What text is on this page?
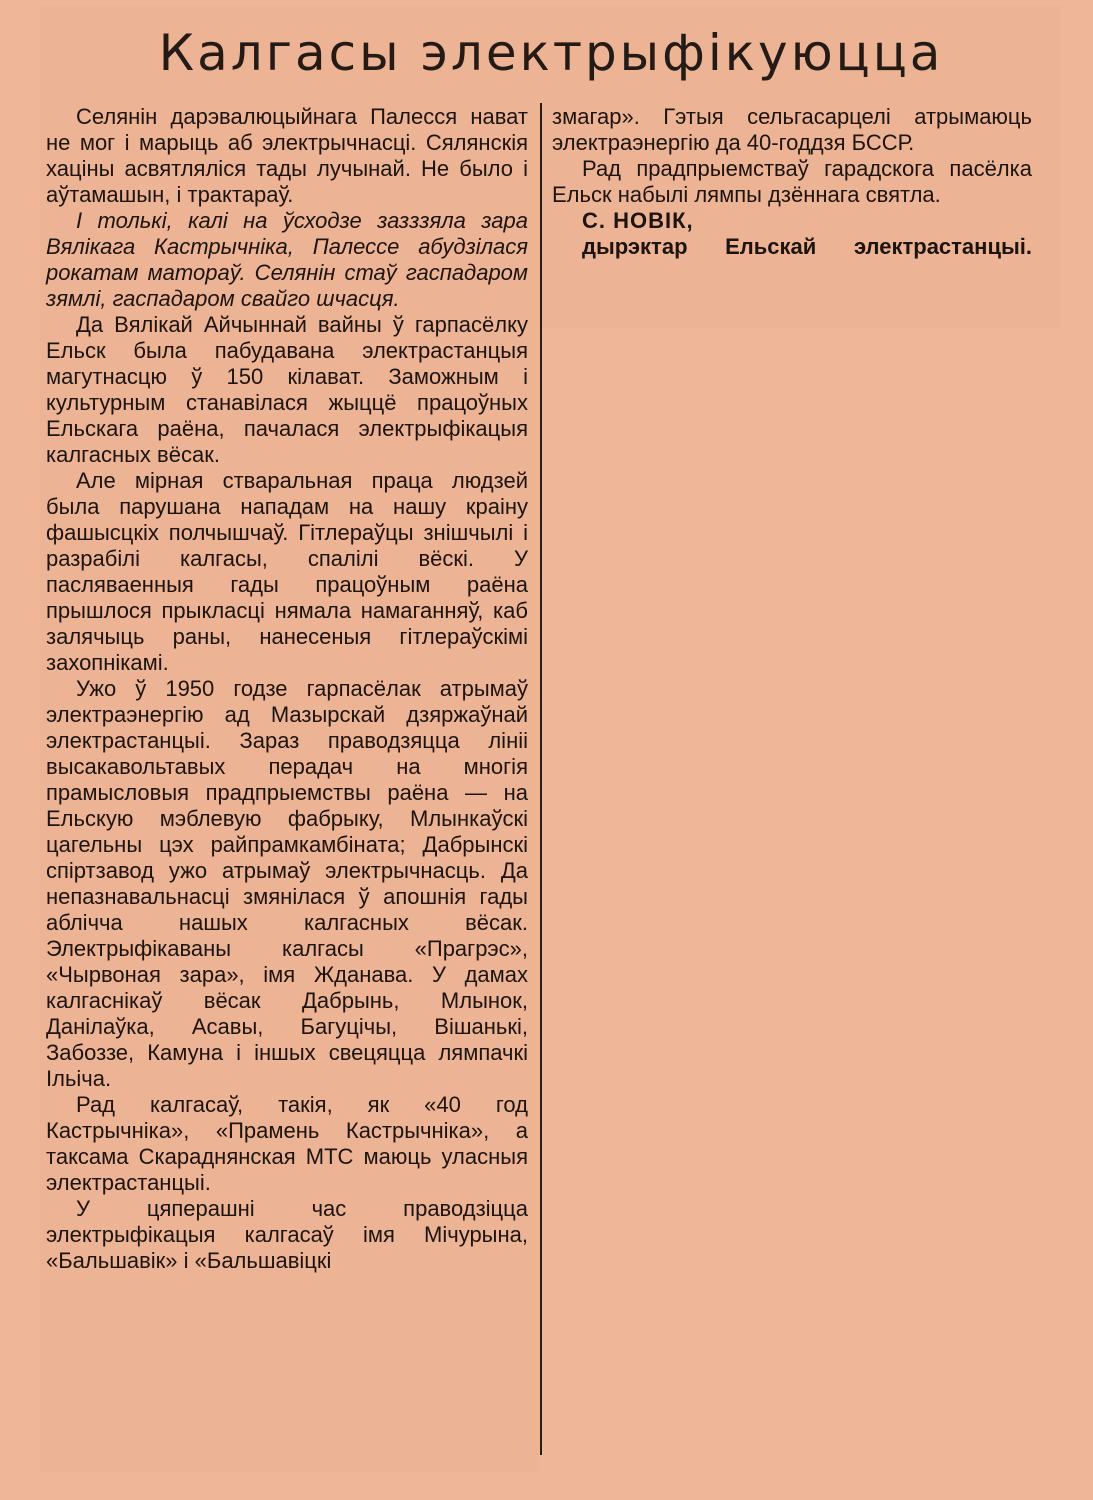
Калгасы электрыфікуюцца

Селянін дарэвалюцыйнага Палесся нават не мог і марыць аб электрычнасці. Сялянскія хаціны асвятляліся тады лучынай. Не было і аўтамашын, і трактараў.

І толькі, калі на ўсходзе зазззяла зара Вялікага Кастрычніка, Палессе абудзілася рокатам матораў. Селянін стаў гаспадаром зямлі, гаспадаром свайго шчасця.

Да Вялікай Айчыннай вайны ў гарпасёлку Ельск была пабудавана электрастанцыя магутнасцю ў 150 кілават. Заможным і культурным станавілася жыццё працоўных Ельскага раёна, пачалася электрыфікацыя калгасных вёсак.

Але мірная стваральная праца людзей была парушана нападам на нашу краіну фашысцкіх полчышчаў. Гітлераўцы знішчылі і разрабілі калгасы, спалілі вёскі. У пасляваенныя гады працоўным раёна прышлося прыкласці нямала намаганняў, каб залячыць раны, нанесеныя гітлераўскімі захопнікамі.

Ужо ў 1950 годзе гарпасёлак атрымаў электраэнергію ад Мазырскай дзяржаўнай электрастанцыі. Зараз праводзяцца лініі высакавольтавых перадач на многія прамысловыя прадпрыемствы раёна — на Ельскую мэблевую фабрыку, Млынкаўскі цагельны цэх райпрамкамбіната; Дабрынскі спіртзавод ужо атрымаў электрычнасць. Да непазнавальнасці змянілася ў апошнія гады аблічча нашых калгасных вёсак. Электрыфікаваны калгасы «Прагрэс», «Чырвоная зара», імя Жданава. У дамах калгаснікаў вёсак Дабрынь, Млынок, Данілаўка, Асавы, Багуцічы, Вішанькі, Забоззе, Камуна і іншых свецяцца лямпачкі Ільіча.

Рад калгасаў, такія, як «40 год Кастрычніка», «Прамень Кастрычніка», а таксама Скараднянская МТС маюць уласныя электрастанцыі.

У цяперашні час праводзіцца электрыфікацыя калгасаў імя Мічурына, «Бальшавік» і «Бальшавіцкі

змагар». Гэтыя сельгасарцелі атрымаюць электраэнергію да 40-годдзя БССР.

Рад прадпрыемстваў гарадскога пасёлка Ельск набылі лямпы дзённага святла.

С. НОВІК,

дырэктар Ельскай электрастанцыі.
